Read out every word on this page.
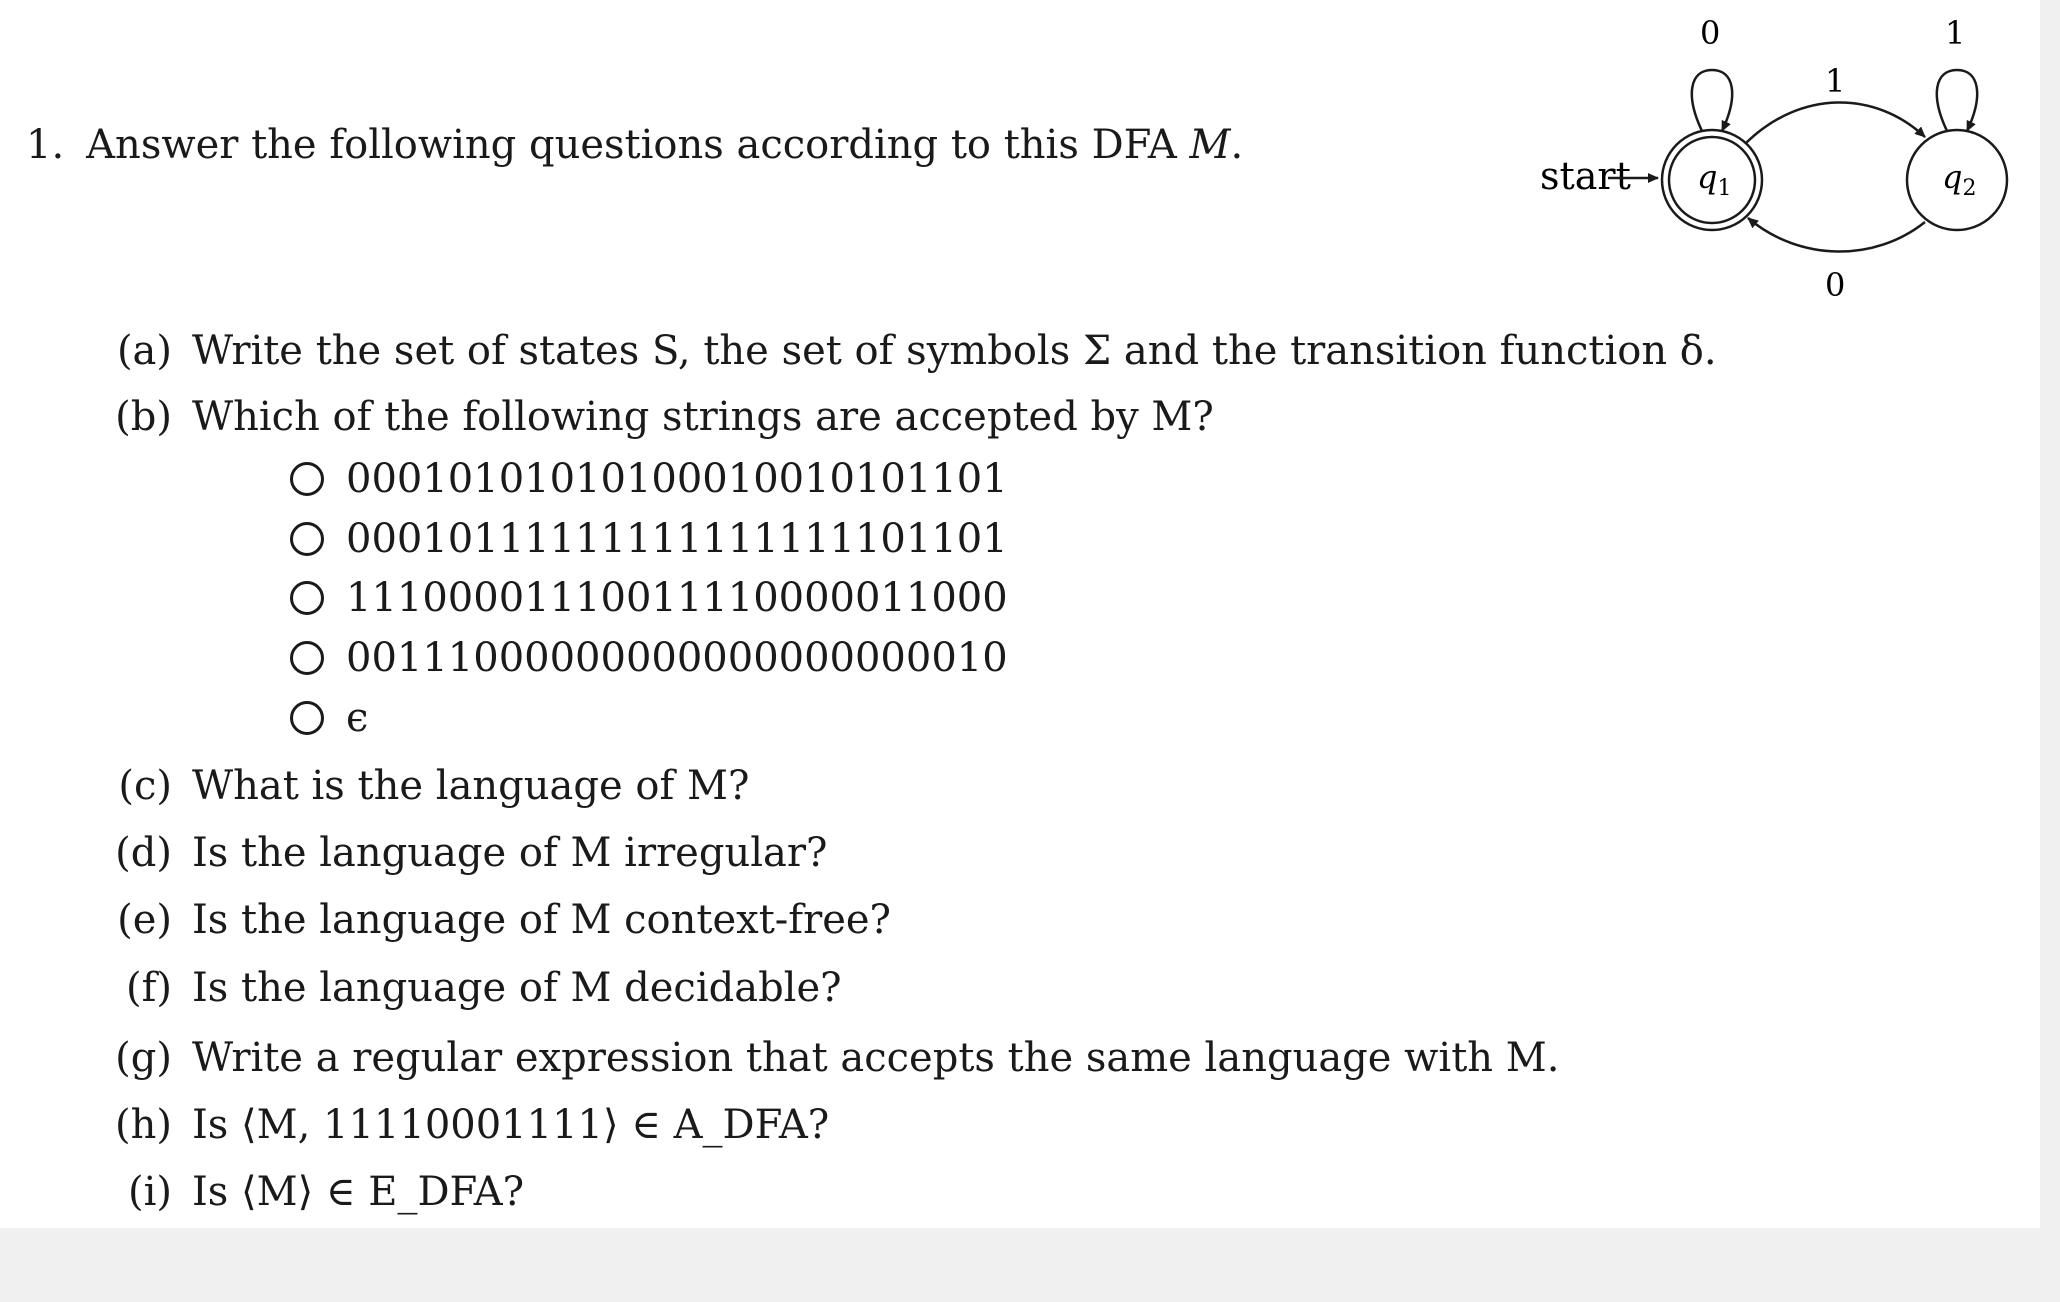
1. Answer the following questions according to this DFA M.
start $q_1$	$q_2$
0	1
1
0
(a) Write the set of states S, the set of symbols Σ and the transition function δ.
(b) Which of the following strings are accepted by M?
00010101010100010010101101
00010111111111111111101101
11100001110011110000011000
00111000000000000000000010
ϵ
(c) What is the language of M?
(d) Is the language of M irregular?
(e) Is the language of M context-free?
(f) Is the language of M decidable?
(g) Write a regular expression that accepts the same language with M.
(h) Is ⟨M, 11110001111⟩ ∈ A_DFA?
(i) Is ⟨M⟩ ∈ E_DFA?
